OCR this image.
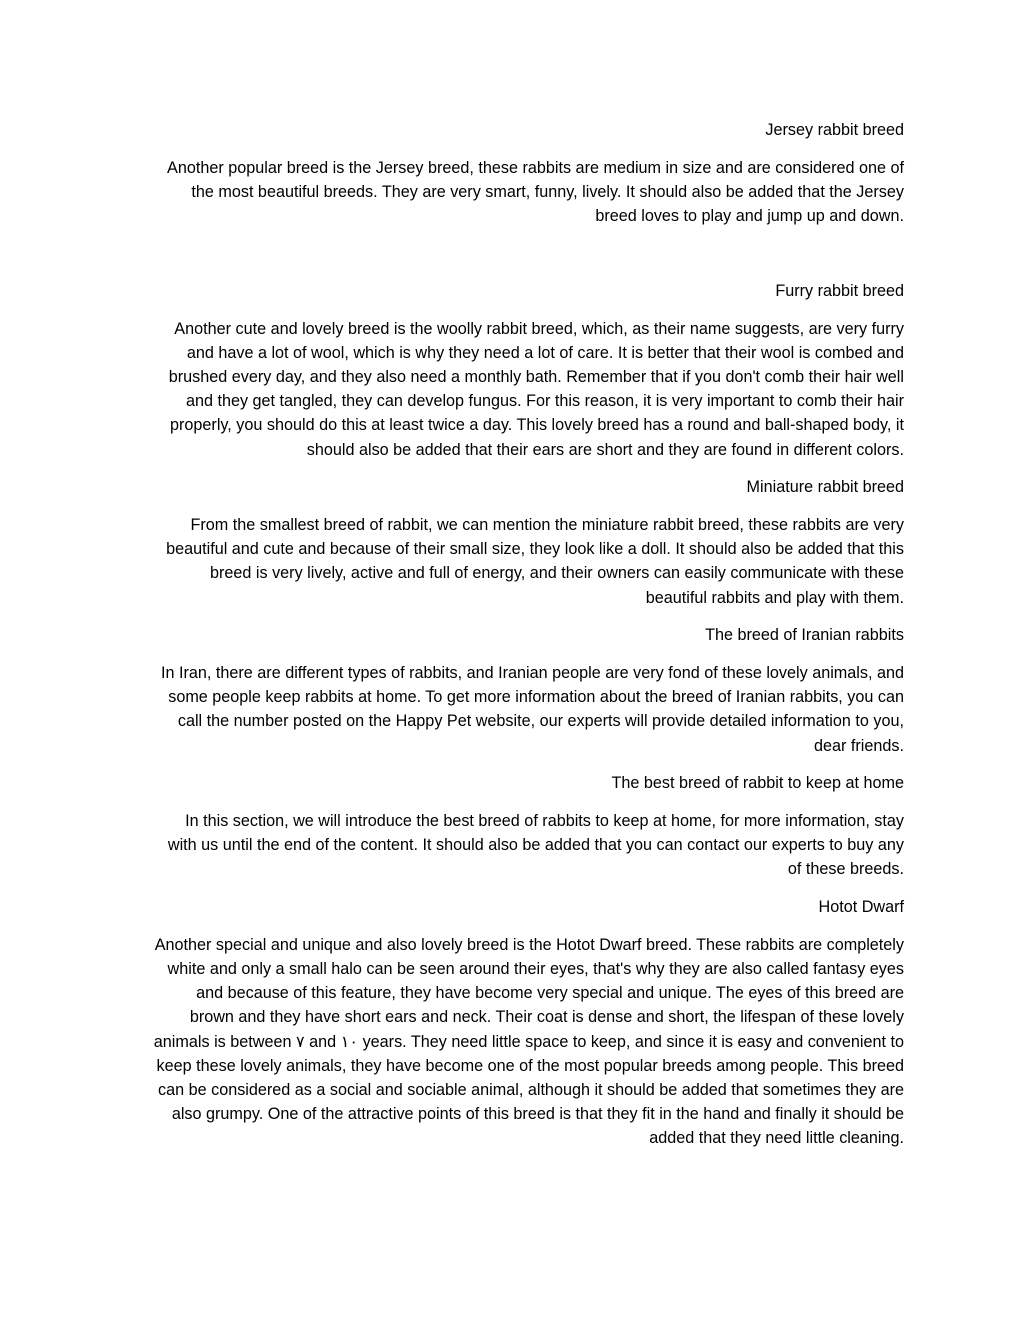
Jersey rabbit breed
Another popular breed is the Jersey breed, these rabbits are medium in size and are considered one of
the most beautiful breeds. They are very smart, funny, lively. It should also be added that the Jersey
breed loves to play and jump up and down.
Furry rabbit breed
Another cute and lovely breed is the woolly rabbit breed, which, as their name suggests, are very furry
and have a lot of wool, which is why they need a lot of care. It is better that their wool is combed and
brushed every day, and they also need a monthly bath. Remember that if you don't comb their hair well
and they get tangled, they can develop fungus. For this reason, it is very important to comb their hair
properly, you should do this at least twice a day. This lovely breed has a round and ball-shaped body, it
should also be added that their ears are short and they are found in different colors.
Miniature rabbit breed
From the smallest breed of rabbit, we can mention the miniature rabbit breed, these rabbits are very
beautiful and cute and because of their small size, they look like a doll. It should also be added that this
breed is very lively, active and full of energy, and their owners can easily communicate with these
beautiful rabbits and play with them.
The breed of Iranian rabbits
In Iran, there are different types of rabbits, and Iranian people are very fond of these lovely animals, and
some people keep rabbits at home. To get more information about the breed of Iranian rabbits, you can
call the number posted on the Happy Pet website, our experts will provide detailed information to you,
dear friends.
The best breed of rabbit to keep at home
In this section, we will introduce the best breed of rabbits to keep at home, for more information, stay
with us until the end of the content. It should also be added that you can contact our experts to buy any
of these breeds.
Hotot Dwarf
Another special and unique and also lovely breed is the Hotot Dwarf breed. These rabbits are completely
white and only a small halo can be seen around their eyes, that's why they are also called fantasy eyes
and because of this feature, they have become very special and unique. The eyes of this breed are
brown and they have short ears and neck. Their coat is dense and short, the lifespan of these lovely
animals is between ٧ and ١٠ years. They need little space to keep, and since it is easy and convenient to
keep these lovely animals, they have become one of the most popular breeds among people. This breed
can be considered as a social and sociable animal, although it should be added that sometimes they are
also grumpy. One of the attractive points of this breed is that they fit in the hand and finally it should be
added that they need little cleaning.
